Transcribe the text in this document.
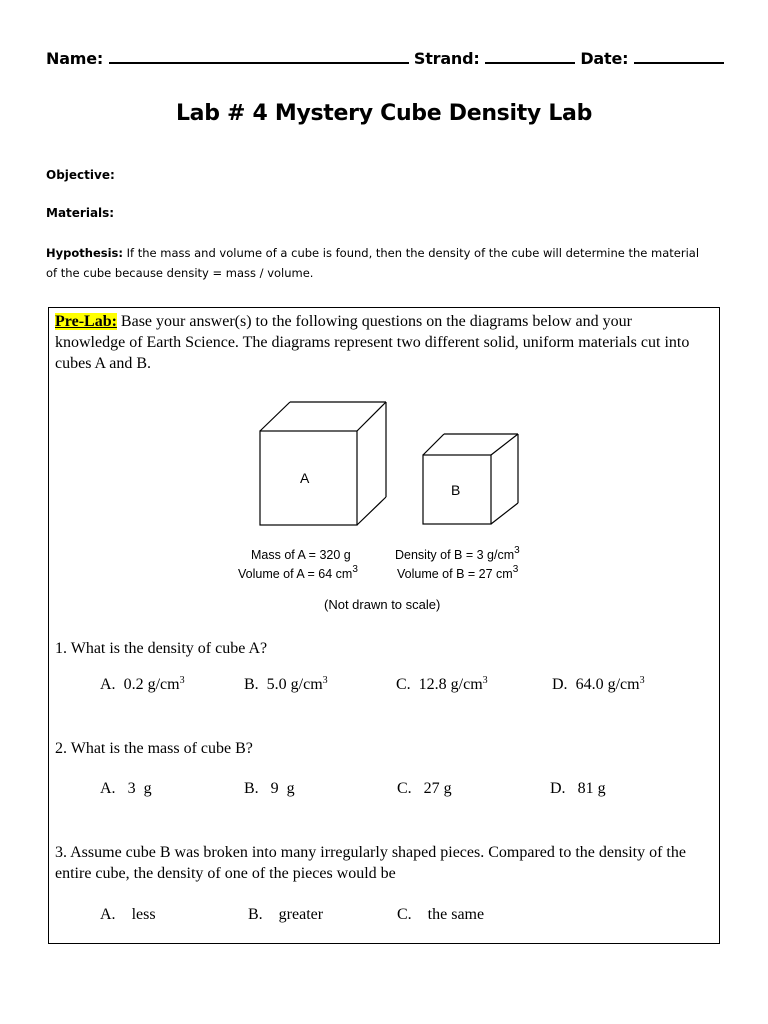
Name:	Strand:	Date:
Lab # 4 Mystery Cube Density Lab
Objective:
Materials:
Hypothesis: If the mass and volume of a cube is found, then the density of the cube will determine the material of the cube because density = mass / volume.
Pre-Lab: Base your answer(s) to the following questions on the diagrams below and your knowledge of Earth Science. The diagrams represent two different solid, uniform materials cut into cubes A and B.
A
B
Mass of A = 320 g
Volume of A = 64 $cm^3$
Density of B = 3 $g/cm^3$
Volume of B = 27 $cm^3$
(Not drawn to scale)
1. What is the density of cube A?
A. 0.2 $g/cm^3$	B. 5.0 $g/cm^3$	C. 12.8 $g/cm^3$	D. 64.0 $g/cm^3$
2. What is the mass of cube B?
A. 3  g	B. 9  g	C. 27 g	D. 81 g
3. Assume cube B was broken into many irregularly shaped pieces. Compared to the density of the entire cube, the density of one of the pieces would be
A. less	B. greater	C. the same
